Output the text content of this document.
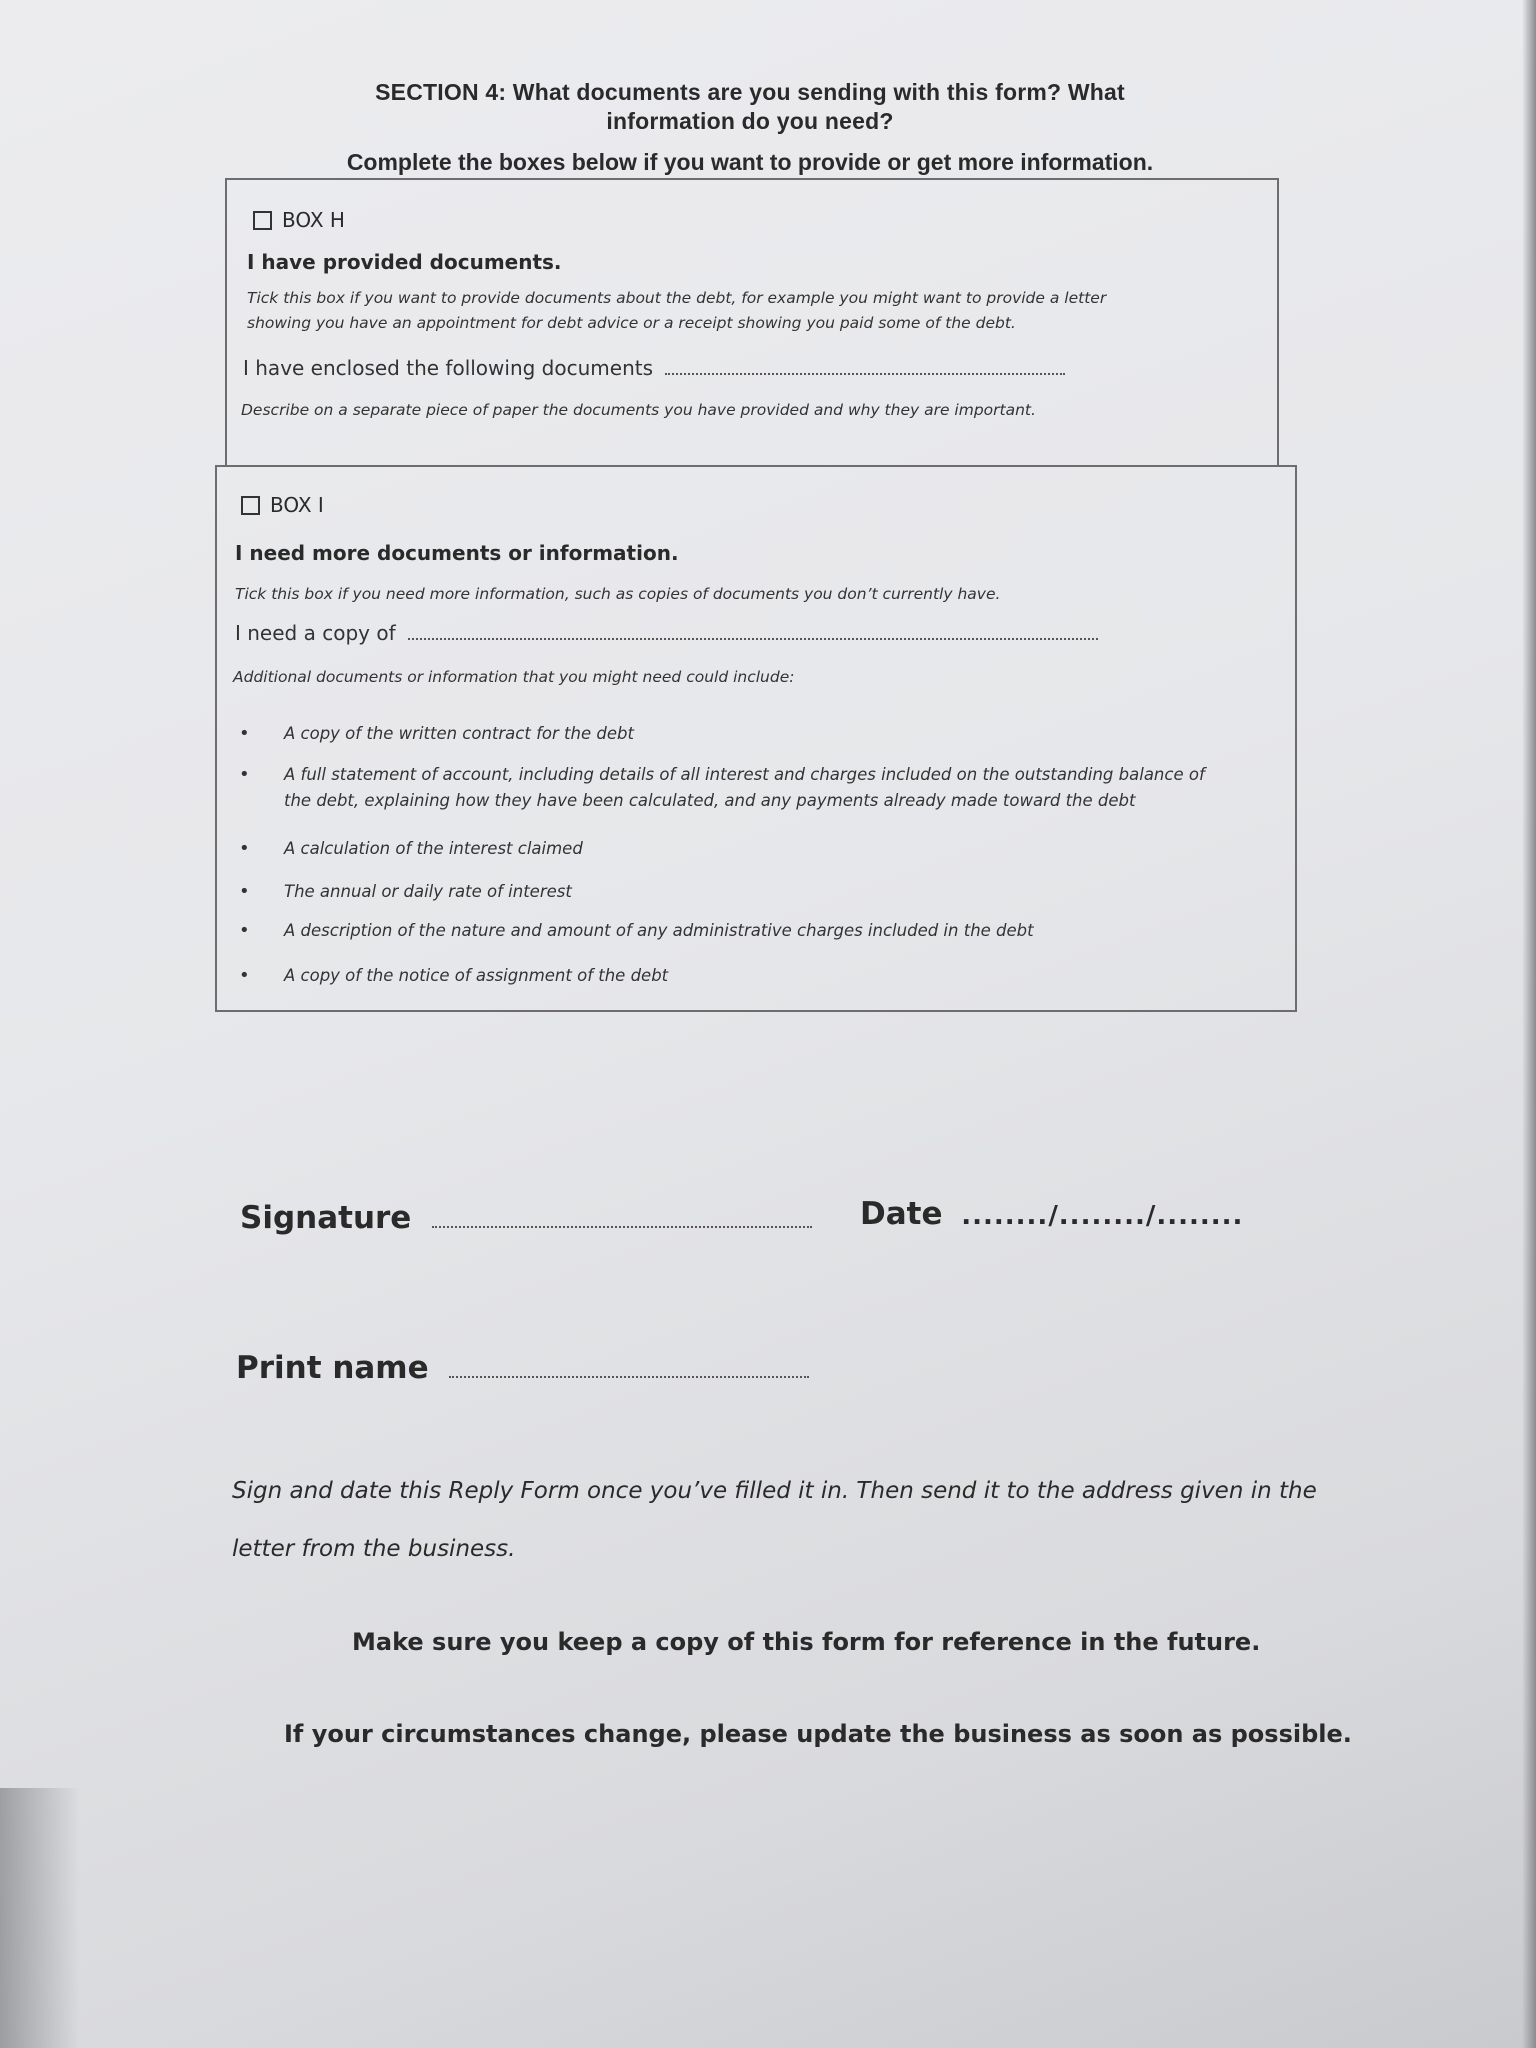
SECTION 4: What documents are you sending with this form? What
information do you need?
Complete the boxes below if you want to provide or get more information.
BOX H
I have provided documents.
Tick this box if you want to provide documents about the debt, for example you might want to provide a letter
showing you have an appointment for debt advice or a receipt showing you paid some of the debt.
I have enclosed the following documents
Describe on a separate piece of paper the documents you have provided and why they are important.
BOX I
I need more documents or information.
Tick this box if you need more information, such as copies of documents you don’t currently have.
I need a copy of
Additional documents or information that you might need could include:
• A copy of the written contract for the debt
• A full statement of account, including details of all interest and charges included on the outstanding balance of
the debt, explaining how they have been calculated, and any payments already made toward the debt
• A calculation of the interest claimed
• The annual or daily rate of interest
• A description of the nature and amount of any administrative charges included in the debt
• A copy of the notice of assignment of the debt
Signature	Date ......../......../........
Print name
Sign and date this Reply Form once you’ve filled it in. Then send it to the address given in the
letter from the business.
Make sure you keep a copy of this form for reference in the future.
If your circumstances change, please update the business as soon as possible.
